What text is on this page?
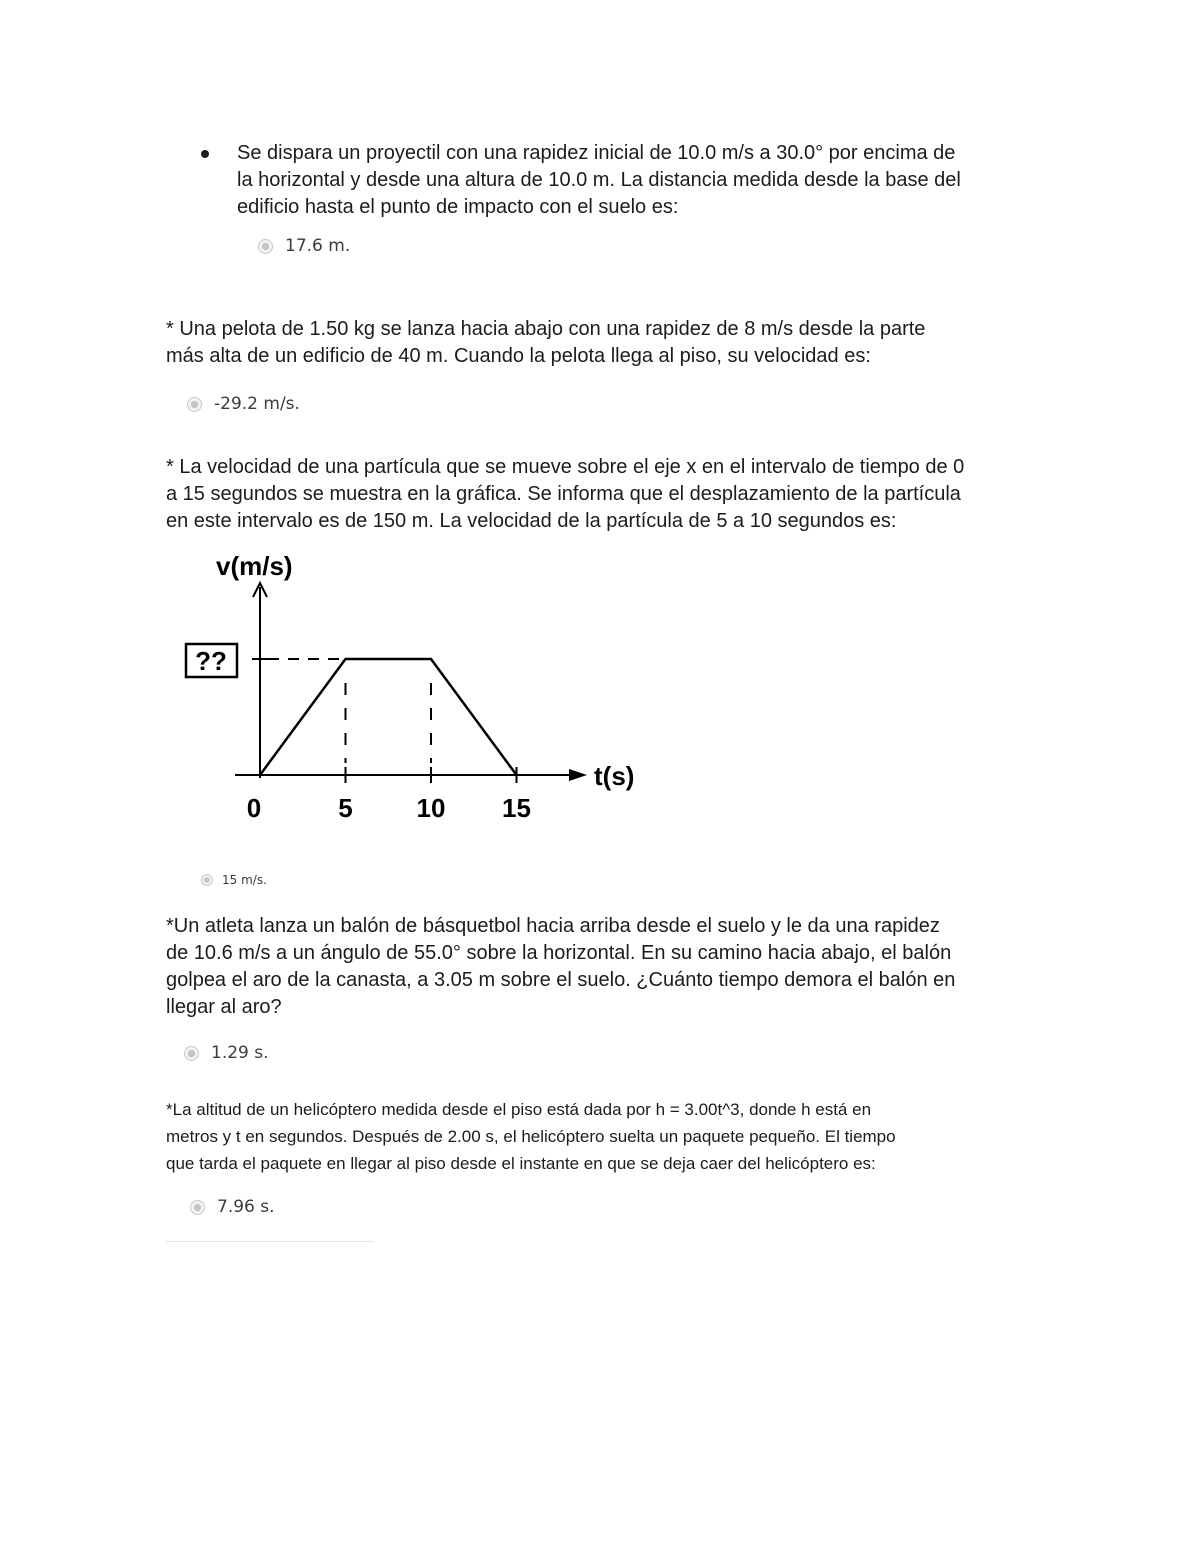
Se dispara un proyectil con una rapidez inicial de 10.0 m/s a 30.0° por encima de
la horizontal y desde una altura de 10.0 m. La distancia medida desde la base del
edificio hasta el punto de impacto con el suelo es:
17.6 m.
* Una pelota de 1.50 kg se lanza hacia abajo con una rapidez de 8 m/s desde la parte
más alta de un edificio de 40 m. Cuando la pelota llega al piso, su velocidad es:
-29.2 m/s.
* La velocidad de una partícula que se mueve sobre el eje x en el intervalo de tiempo de 0
a 15 segundos se muestra en la gráfica. Se informa que el desplazamiento de la partícula
en este intervalo es de 150 m. La velocidad de la partícula de 5 a 10 segundos es:
v(m/s)
??
t(s)
0	5 10 15
15 m/s.
*Un atleta lanza un balón de básquetbol hacia arriba desde el suelo y le da una rapidez
de 10.6 m/s a un ángulo de 55.0° sobre la horizontal. En su camino hacia abajo, el balón
golpea el aro de la canasta, a 3.05 m sobre el suelo. ¿Cuánto tiempo demora el balón en
llegar al aro?
1.29 s.
*La altitud de un helicóptero medida desde el piso está dada por h = 3.00t^3, donde h está en
metros y t en segundos. Después de 2.00 s, el helicóptero suelta un paquete pequeño. El tiempo
que tarda el paquete en llegar al piso desde el instante en que se deja caer del helicóptero es:
7.96 s.
